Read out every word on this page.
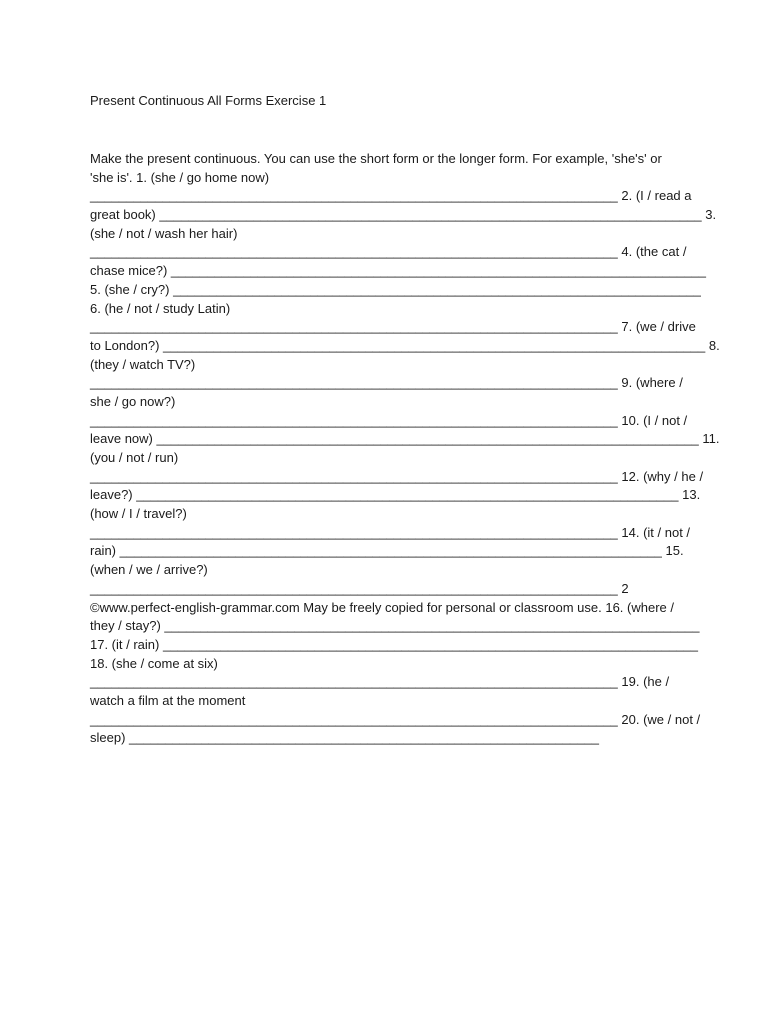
Present Continuous All Forms Exercise 1
Make the present continuous. You can use the short form or the longer form. For example, 'she's' or
'she is'. 1. (she / go home now)
_________________________________________________________________________ 2. (I / read a
great book) ___________________________________________________________________________ 3.
(she / not / wash her hair)
_________________________________________________________________________ 4. (the cat /
chase mice?) __________________________________________________________________________
5. (she / cry?) _________________________________________________________________________
6. (he / not / study Latin)
_________________________________________________________________________ 7. (we / drive
to London?) ___________________________________________________________________________ 8.
(they / watch TV?)
_________________________________________________________________________ 9. (where /
she / go now?)
_________________________________________________________________________ 10. (I / not /
leave now) ___________________________________________________________________________ 11.
(you / not / run)
_________________________________________________________________________ 12. (why / he /
leave?) ___________________________________________________________________________ 13.
(how / I / travel?)
_________________________________________________________________________ 14. (it / not /
rain) ___________________________________________________________________________ 15.
(when / we / arrive?)
_________________________________________________________________________ 2
©www.perfect-english-grammar.com May be freely copied for personal or classroom use. 16. (where /
they / stay?) __________________________________________________________________________
17. (it / rain) __________________________________________________________________________
18. (she / come at six)
_________________________________________________________________________ 19. (he /
watch a film at the moment
_________________________________________________________________________ 20. (we / not /
sleep) _________________________________________________________________
